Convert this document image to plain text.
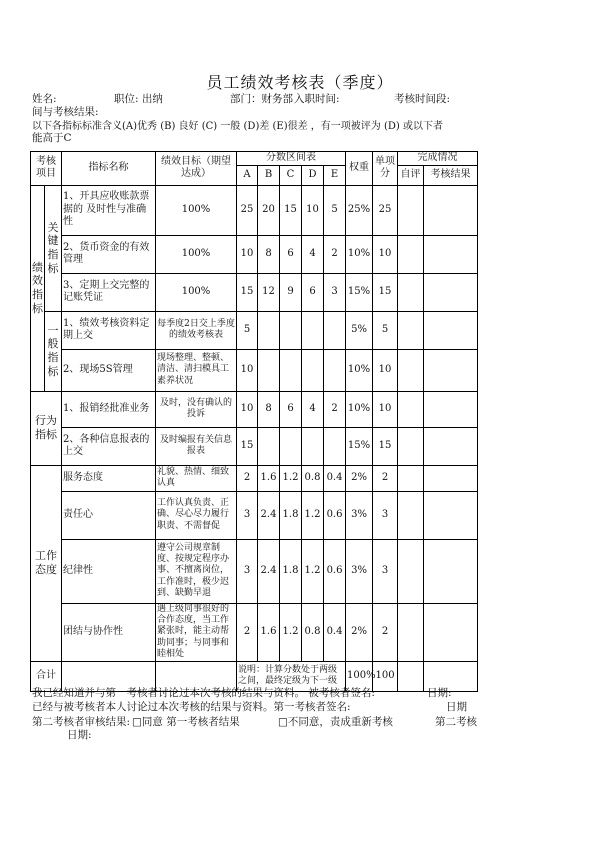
员工绩效考核表（季度）
姓名:	职位: 出纳	部门：财务部 入职时间:	考核时间段:
间与考核结果:
以下各指标标准含义(A)优秀 (B) 良好 (C) 一般 (D)差 (E)很差 ，有一项被评为 (D) 或以下者
能高于C
考核项目		指标名称	绩效目标（期望达成）	分数区间表					权重	单项分	完成情况	
				A	B	C	D	E			自评	考核结果
绩效指标	关键指标	1、开具应收账款票据的 及时性与准确性	100%	25	20	15	10	5	25%	25		
		2、货币资金的有效管理	100%	10	8	6	4	2	10%	10		
		3、定期上交完整的记账凭证	100%	15	12	9	6	3	15%	15		
	一般指标	1、绩效考核资料定期上交	每季度2日交上季度的绩效考核表	5					5%	5		
		2、现场5S管理	现场整理、整顿、清洁、清扫模具工素养状况	10					10%	10		
行为指标		1、报销经批准业务	及时，没有确认的投诉	10	8	6	4	2	10%	10		
		2、各种信息报表的上交	及时编报有关信息报表	15					15%	15		
工作态度		服务态度	礼貌、热情、细致认真	2	1.6	1.2	0.8	0.4	2%	2		
		责任心	工作认真负责、正确、尽心尽力履行职责、不需督促	3	2.4	1.8	1.2	0.6	3%	3		
		纪律性	遵守公司规章制度、按规定程序办事、不擅离岗位，工作准时，极少迟到、缺勤早退	3	2.4	1.8	1.2	0.6	3%	3		
		团结与协作性	遇上级同事很好的合作态度，当工作紧张时，能主动帮助同事；与同事和睦相处	2	1.6	1.2	0.8	0.4	2%	2		
合计				说明：计算分数处于两级之间，最终定级为下一级					100%	100		
我已经知道并与第一考核者讨论过本次考核的结果与资料。 被考核者签名:	日期:
已经与被考核者本人讨论过本次考核的结果与资料。第一考核者签名:	日期
第二考核者审核结果: □同意 第一考核者结果	□不同意，责成重新考核	第二考核
日期:
